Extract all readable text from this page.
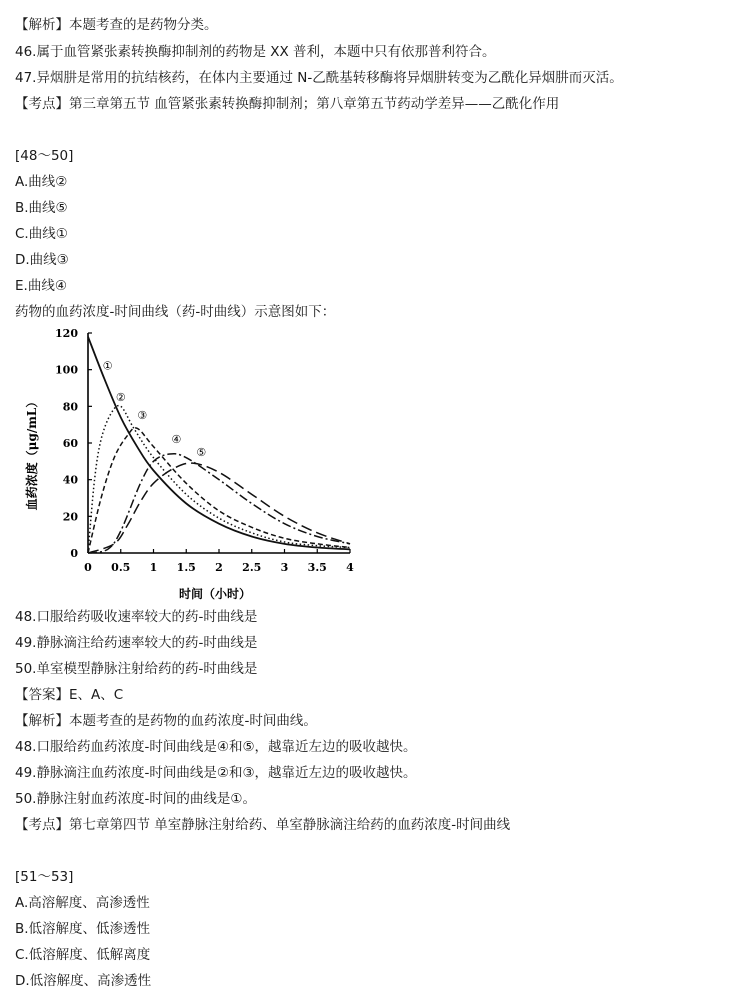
【解析】本题考查的是药物分类。
46.属于血管紧张素转换酶抑制剂的药物是 XX 普利，本题中只有依那普利符合。
47.异烟肼是常用的抗结核药，在体内主要通过 N-乙酰基转移酶将异烟肼转变为乙酰化异烟肼而灭活。
【考点】第三章第五节 血管紧张素转换酶抑制剂；第八章第五节药动学差异——乙酰化作用
[48～50]
A.曲线②
B.曲线⑤
C.曲线①
D.曲线③
E.曲线④
药物的血药浓度-时间曲线（药-时曲线）示意图如下：
0
20
40
60
80
100
120
0 0.5 1 1.5 2 2.5 3 3.5 4
①
②
③
④
⑤
时间（小时）
血药浓度（μg/mL）
48.口服给药吸收速率较大的药-时曲线是
49.静脉滴注给药速率较大的药-时曲线是
50.单室模型静脉注射给药的药-时曲线是
【答案】E、A、C
【解析】本题考查的是药物的血药浓度-时间曲线。
48.口服给药血药浓度-时间曲线是④和⑤，越靠近左边的吸收越快。
49.静脉滴注血药浓度-时间曲线是②和③，越靠近左边的吸收越快。
50.静脉注射血药浓度-时间的曲线是①。
【考点】第七章第四节 单室静脉注射给药、单室静脉滴注给药的血药浓度-时间曲线
[51～53]
A.高溶解度、高渗透性
B.低溶解度、低渗透性
C.低溶解度、低解离度
D.低溶解度、高渗透性
